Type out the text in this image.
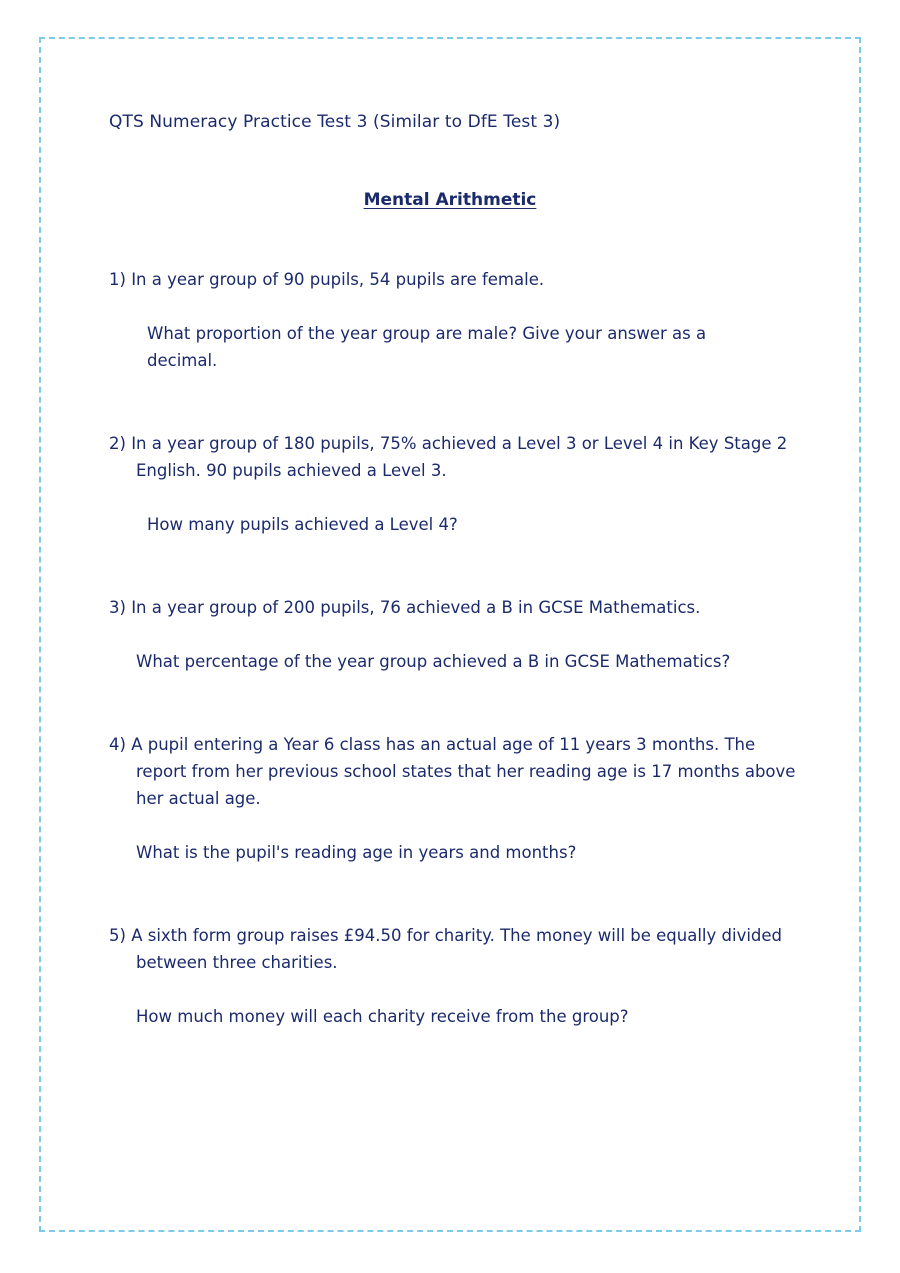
QTS Numeracy Practice Test 3 (Similar to DfE Test 3)
Mental Arithmetic
1) In a year group of 90 pupils, 54 pupils are female.
What proportion of the year group are male? Give your answer as a decimal.
2) In a year group of 180 pupils, 75% achieved a Level 3 or Level 4 in Key Stage 2 English. 90 pupils achieved a Level 3.
How many pupils achieved a Level 4?
3) In a year group of 200 pupils, 76 achieved a B in GCSE Mathematics.
What percentage of the year group achieved a B in GCSE Mathematics?
4) A pupil entering a Year 6 class has an actual age of 11 years 3 months. The report from her previous school states that her reading age is 17 months above her actual age.
What is the pupil's reading age in years and months?
5) A sixth form group raises £94.50 for charity. The money will be equally divided between three charities.
How much money will each charity receive from the group?
